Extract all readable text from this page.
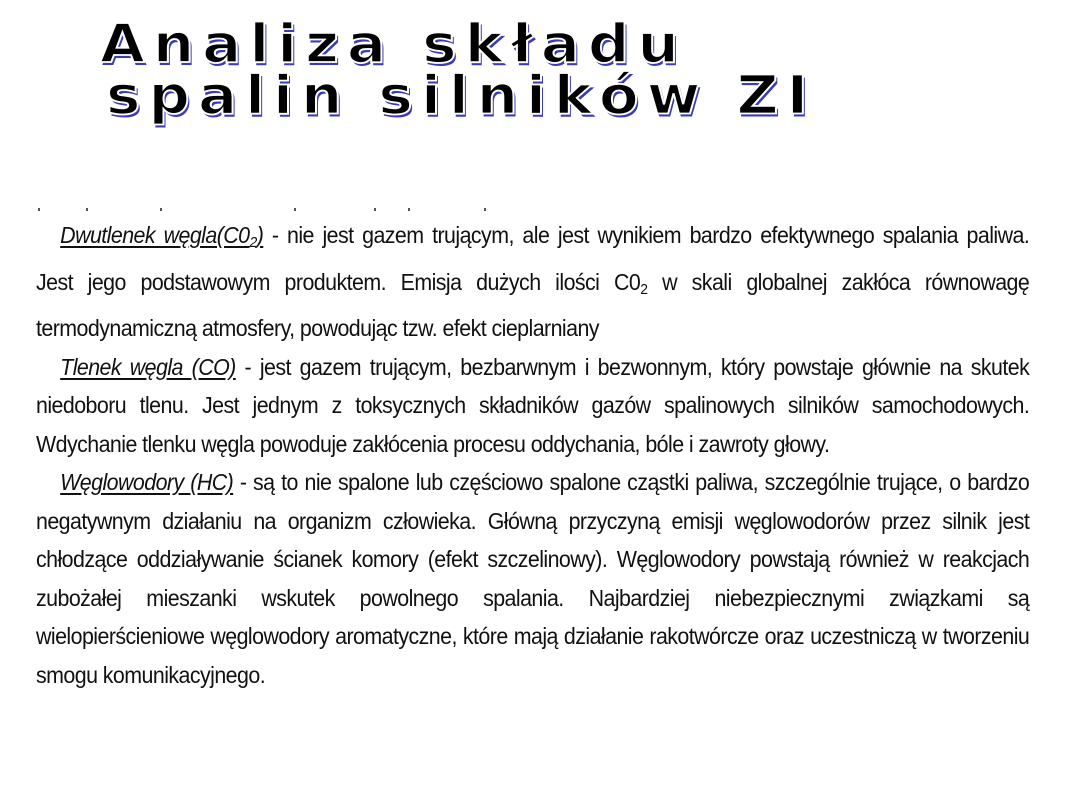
Analiza składu
spalin silników ZI

Dwutlenek $węgla(C0_2)$ - nie jest gazem trującym, ale jest wynikiem bardzo efektywnego spalania paliwa. Jest jego podstawowym produktem. Emisja dużych ilości $C0_2$ w skali globalnej zakłóca równowagę termodynamiczną atmosfery, powodując tzw. efekt cieplarniany

Tlenek węgla (CO) - jest gazem trującym, bezbarwnym i bezwonnym, który powstaje głównie na skutek niedoboru tlenu. Jest jednym z toksycznych składników gazów spalinowych silników samochodowych. Wdychanie tlenku węgla powoduje zakłócenia procesu oddychania, bóle i zawroty głowy.

Węglowodory (HC) - są to nie spalone lub częściowo spalone cząstki paliwa, szczególnie trujące, o bardzo negatywnym działaniu na organizm człowieka. Główną przyczyną emisji węglowodorów przez silnik jest chłodzące oddziaływanie ścianek komory (efekt szczelinowy). Węglowodory powstają również w reakcjach zubożałej mieszanki wskutek powolnego spalania. Najbardziej niebezpiecznymi związkami są wielopierścieniowe węglowodory aromatyczne, które mają działanie rakotwórcze oraz uczestniczą w tworzeniu smogu komunikacyjnego.
